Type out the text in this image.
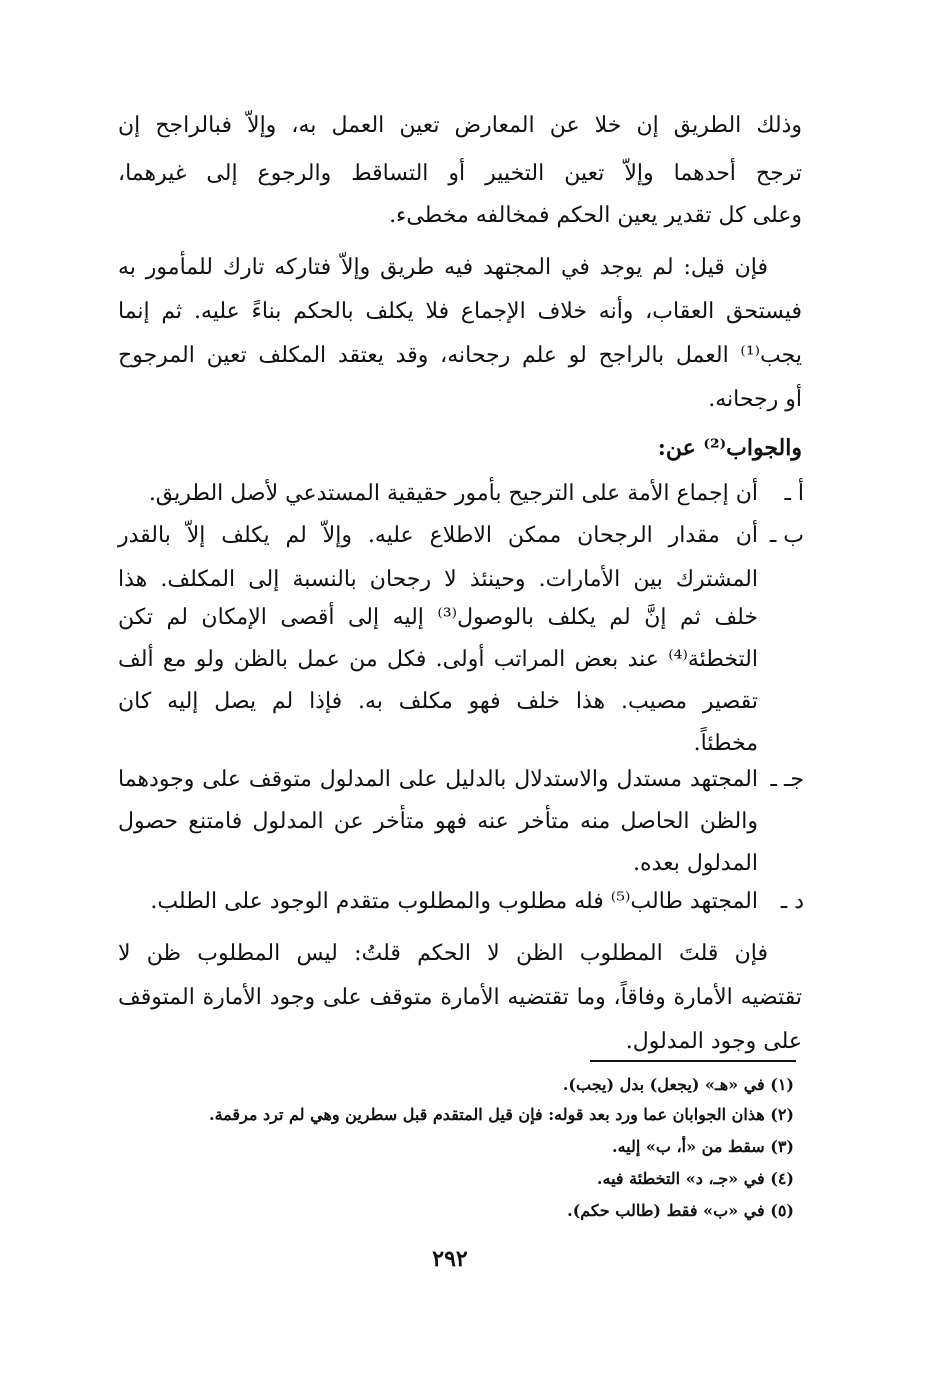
وذلك الطريق إن خلا عن المعارض تعين العمل به، وإلاّ فبالراجح إن
ترجح أحدهما وإلاّ تعين التخيير أو التساقط والرجوع إلى غيرهما،
وعلى كل تقدير يعين الحكم فمخالفه مخطىء.
فإن قيل: لم يوجد في المجتهد فيه طريق وإلاّ فتاركه تارك للمأمور به
فيستحق العقاب، وأنه خلاف الإجماع فلا يكلف بالحكم بناءً عليه. ثم إنما
يجب⁽¹⁾ العمل بالراجح لو علم رجحانه، وقد يعتقد المكلف تعين المرجوح
أو رجحانه.
والجواب⁽²⁾ عن:
أ ـ
أن إجماع الأمة على الترجيح بأمور حقيقية المستدعي لأصل الطريق.
ب ـ
أن مقدار الرجحان ممكن الاطلاع عليه. وإلاّ لم يكلف إلاّ بالقدر
المشترك بين الأمارات. وحينئذ لا رجحان بالنسبة إلى المكلف. هذا
خلف ثم إنَّ لم يكلف بالوصول⁽³⁾ إليه إلى أقصى الإمكان لم تكن
التخطئة⁽⁴⁾ عند بعض المراتب أولى. فكل من عمل بالظن ولو مع ألف
تقصير مصيب. هذا خلف فهو مكلف به. فإذا لم يصل إليه كان
مخطئاً.
جـ ـ
المجتهد مستدل والاستدلال بالدليل على المدلول متوقف على وجودهما
والظن الحاصل منه متأخر عنه فهو متأخر عن المدلول فامتنع حصول
المدلول بعده.
د ـ
المجتهد طالب⁽⁵⁾ فله مطلوب والمطلوب متقدم الوجود على الطلب.
فإن قلتَ المطلوب الظن لا الحكم قلتُ: ليس المطلوب ظن لا
تقتضيه الأمارة وفاقاً، وما تقتضيه الأمارة متوقف على وجود الأمارة المتوقف
على وجود المدلول.
(١) في «هـ» (يجعل) بدل (يجب).
(٢) هذان الجوابان عما ورد بعد قوله: فإن قيل المتقدم قبل سطرين وهي لم ترد مرقمة.
(٣) سقط من «أ، ب» إليه.
(٤) في «جـ، د» التخطئة فيه.
(٥) في «ب» فقط (طالب حكم).
٢٩٢
